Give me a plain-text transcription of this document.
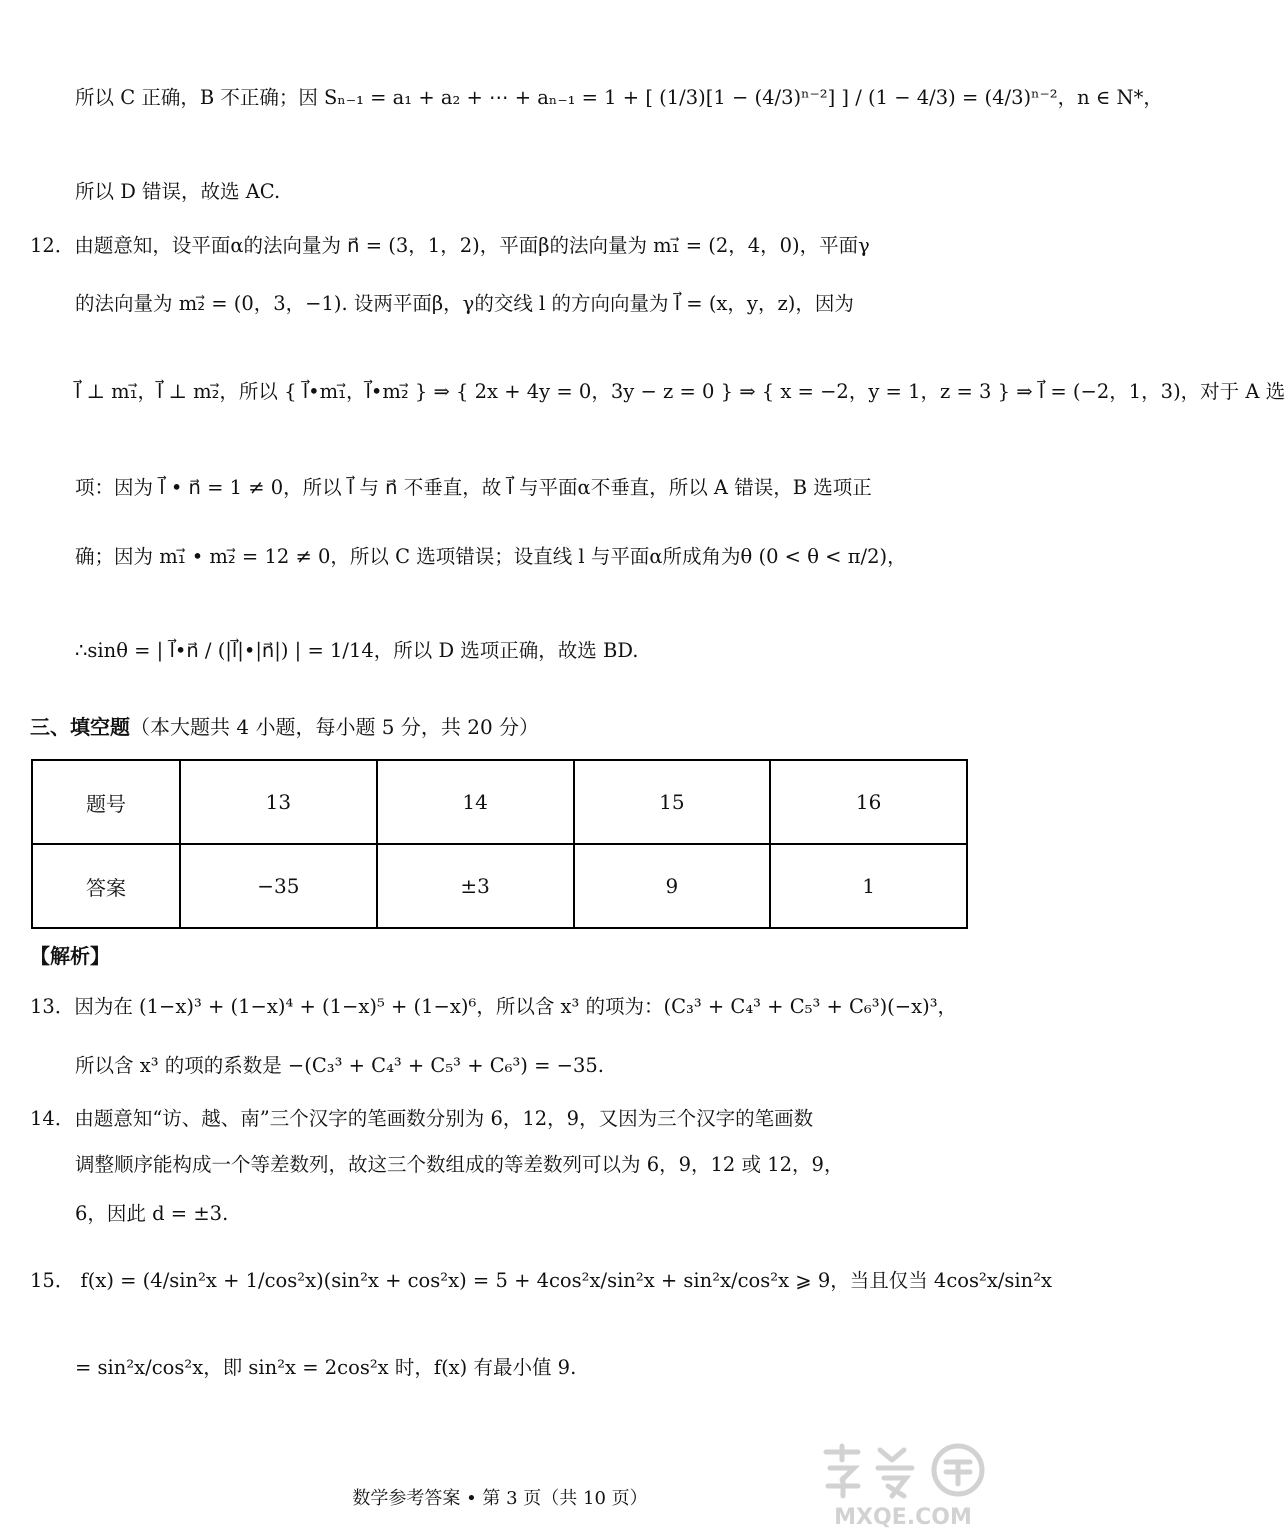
所以 C 正确，B 不正确；因 Sₙ₋₁ = a₁ + a₂ + ⋯ + aₙ₋₁ = 1 + [ (1/3)[1 − (4/3)ⁿ⁻²] ] / (1 − 4/3) = (4/3)ⁿ⁻²，n ∈ N*，
所以 D 错误，故选 AC.
12．由题意知，设平面α的法向量为 n⃗ = (3，1，2)，平面β的法向量为 m₁⃗ = (2，4，0)，平面γ
的法向量为 m₂⃗ = (0，3，−1). 设两平面β，γ的交线 l 的方向向量为 l⃗ = (x，y，z)，因为
l⃗ ⊥ m₁⃗，l⃗ ⊥ m₂⃗，所以 { l⃗•m₁⃗，l⃗•m₂⃗ } ⇒ { 2x + 4y = 0，3y − z = 0 } ⇒ { x = −2，y = 1，z = 3 } ⇒ l⃗ = (−2，1，3)，对于 A 选
项：因为 l⃗ • n⃗ = 1 ≠ 0，所以 l⃗ 与 n⃗ 不垂直，故 l⃗ 与平面α不垂直，所以 A 错误，B 选项正
确；因为 m₁⃗ • m₂⃗ = 12 ≠ 0，所以 C 选项错误；设直线 l 与平面α所成角为θ (0 < θ < π/2)，
∴sinθ = | l⃗•n⃗ / (|l⃗|•|n⃗|) | = 1/14，所以 D 选项正确，故选 BD.
三、填空题（本大题共 4 小题，每小题 5 分，共 20 分）
题号	13	14	15	16
答案	−35	±3	9	1
【解析】
13．因为在 (1−x)³ + (1−x)⁴ + (1−x)⁵ + (1−x)⁶，所以含 x³ 的项为：(C₃³ + C₄³ + C₅³ + C₆³)(−x)³，
所以含 x³ 的项的系数是 −(C₃³ + C₄³ + C₅³ + C₆³) = −35.
14．由题意知“访、越、南”三个汉字的笔画数分别为 6，12，9，又因为三个汉字的笔画数
调整顺序能构成一个等差数列，故这三个数组成的等差数列可以为 6，9，12 或 12，9，
6，因此 d = ±3.
15． f(x) = (4/sin²x + 1/cos²x)(sin²x + cos²x) = 5 + 4cos²x/sin²x + sin²x/cos²x ⩾ 9，当且仅当 4cos²x/sin²x
= sin²x/cos²x，即 sin²x = 2cos²x 时，f(x) 有最小值 9.
数学参考答案 • 第 3 页（共 10 页）
MXQE.COM
